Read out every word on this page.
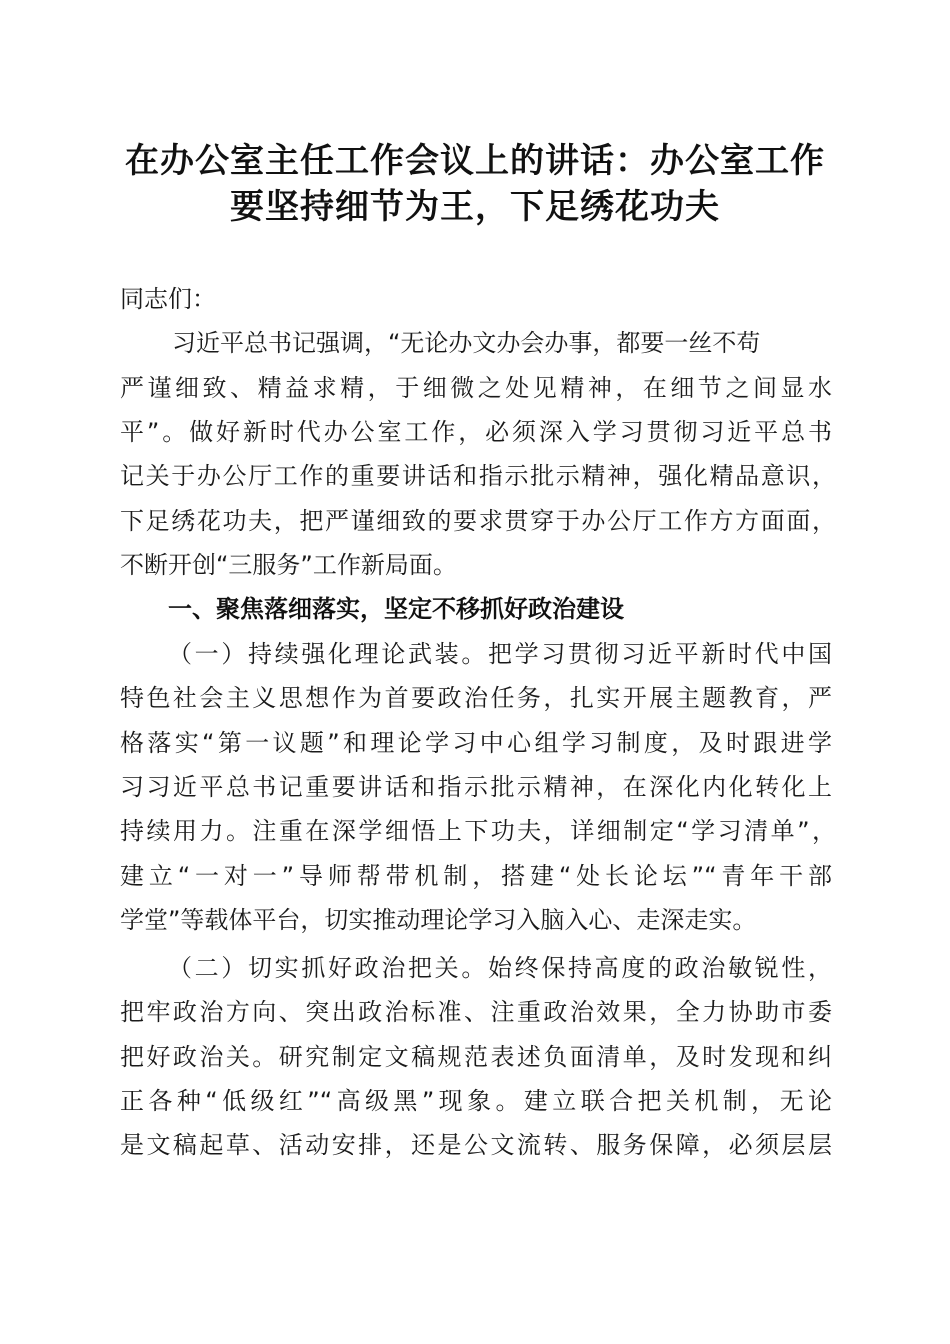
在办公室主任工作会议上的讲话：办公室工作
要坚持细节为王，下足绣花功夫
同志们：
习近平总书记强调，“无论办文办会办事，都要一丝不苟
严谨细致、精益求精，于细微之处见精神，在细节之间显水
平”。做好新时代办公室工作，必须深入学习贯彻习近平总书
记关于办公厅工作的重要讲话和指示批示精神，强化精品意识，
下足绣花功夫，把严谨细致的要求贯穿于办公厅工作方方面面，
不断开创“三服务”工作新局面。
一、聚焦落细落实，坚定不移抓好政治建设
（一）持续强化理论武装。把学习贯彻习近平新时代中国
特色社会主义思想作为首要政治任务，扎实开展主题教育，严
格落实“第一议题”和理论学习中心组学习制度，及时跟进学
习习近平总书记重要讲话和指示批示精神，在深化内化转化上
持续用力。注重在深学细悟上下功夫，详细制定“学习清单”，
建立“一对一”导师帮带机制，搭建“处长论坛”“青年干部
学堂”等载体平台，切实推动理论学习入脑入心、走深走实。
（二）切实抓好政治把关。始终保持高度的政治敏锐性，
把牢政治方向、突出政治标准、注重政治效果，全力协助市委
把好政治关。研究制定文稿规范表述负面清单，及时发现和纠
正各种“低级红”“高级黑”现象。建立联合把关机制，无论
是文稿起草、活动安排，还是公文流转、服务保障，必须层层
